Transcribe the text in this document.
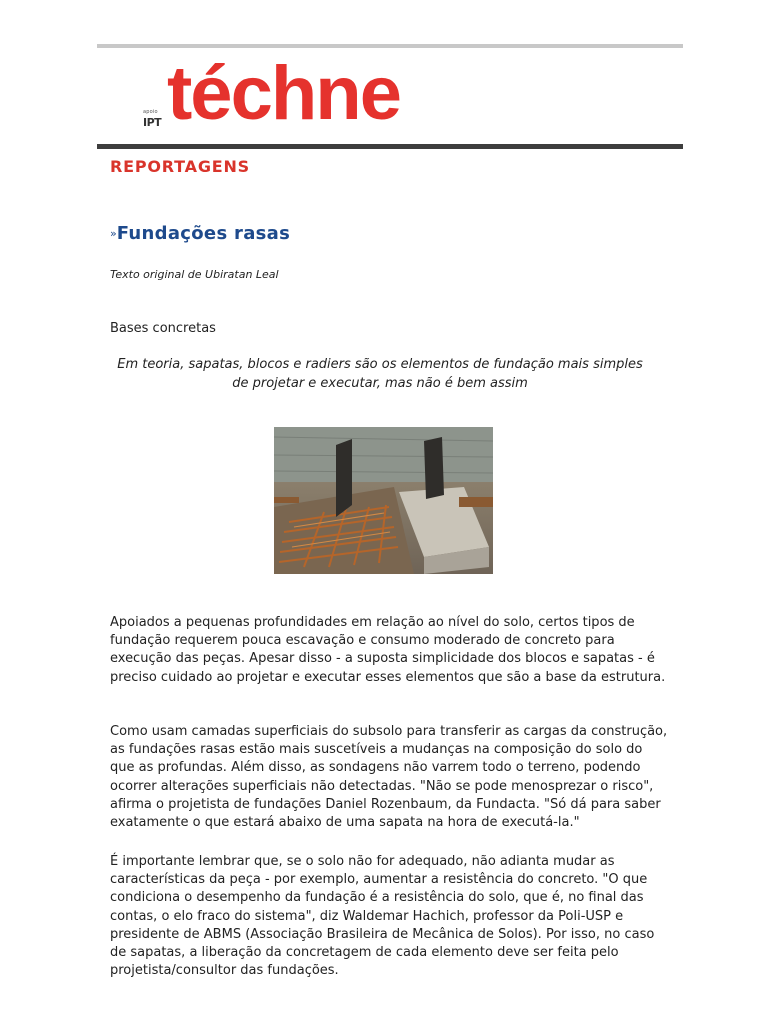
apoio
IPT téchne
REPORTAGENS
»Fundações rasas
Texto original de Ubiratan Leal
Bases concretas
Em teoria, sapatas, blocos e radiers são os elementos de fundação mais simples de projetar e executar, mas não é bem assim

Apoiados a pequenas profundidades em relação ao nível do solo, certos tipos de fundação requerem pouca escavação e consumo moderado de concreto para execução das peças. Apesar disso - a suposta simplicidade dos blocos e sapatas - é preciso cuidado ao projetar e executar esses elementos que são a base da estrutura.

Como usam camadas superficiais do subsolo para transferir as cargas da construção, as fundações rasas estão mais suscetíveis a mudanças na composição do solo do que as profundas. Além disso, as sondagens não varrem todo o terreno, podendo ocorrer alterações superficiais não detectadas. "Não se pode menosprezar o risco", afirma o projetista de fundações Daniel Rozenbaum, da Fundacta. "Só dá para saber exatamente o que estará abaixo de uma sapata na hora de executá-la."

É importante lembrar que, se o solo não for adequado, não adianta mudar as características da peça - por exemplo, aumentar a resistência do concreto. "O que condiciona o desempenho da fundação é a resistência do solo, que é, no final das contas, o elo fraco do sistema", diz Waldemar Hachich, professor da Poli-USP e presidente de ABMS (Associação Brasileira de Mecânica de Solos). Por isso, no caso de sapatas, a liberação da concretagem de cada elemento deve ser feita pelo projetista/consultor das fundações.
